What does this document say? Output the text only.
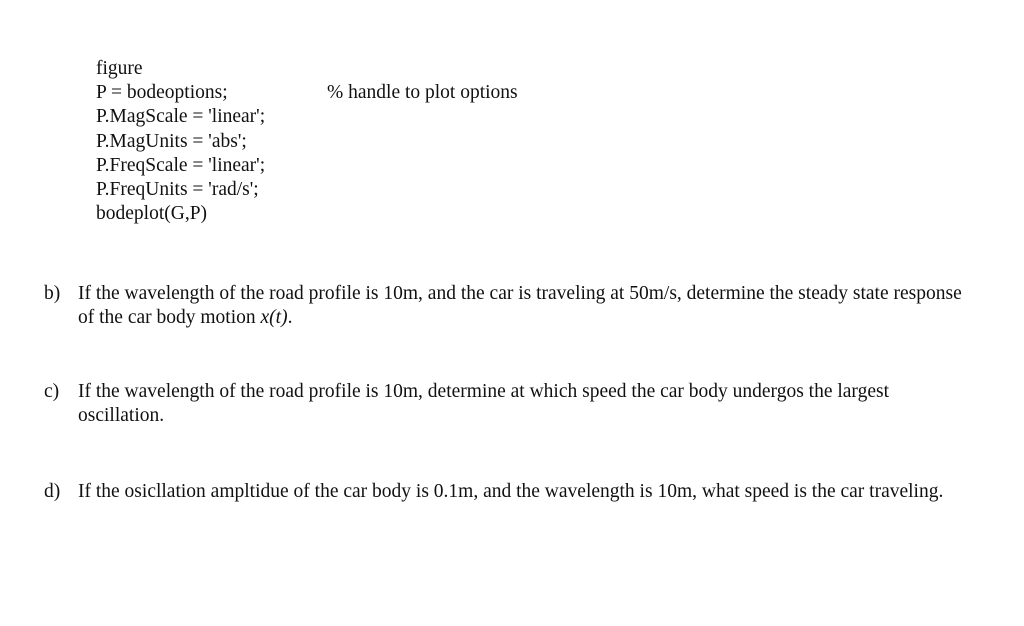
figure
P = bodeoptions;	% handle to plot options
P.MagScale = 'linear';
P.MagUnits = 'abs';
P.FreqScale = 'linear';
P.FreqUnits = 'rad/s';
bodeplot(G,P)
b) If the wavelength of the road profile is 10m, and the car is traveling at 50m/s, determine the steady state response of the car body motion x(t).
c) If the wavelength of the road profile is 10m, determine at which speed the car body undergos the largest oscillation.
d) If the osicllation ampltidue of the car body is 0.1m, and the wavelength is 10m, what speed is the car traveling.
